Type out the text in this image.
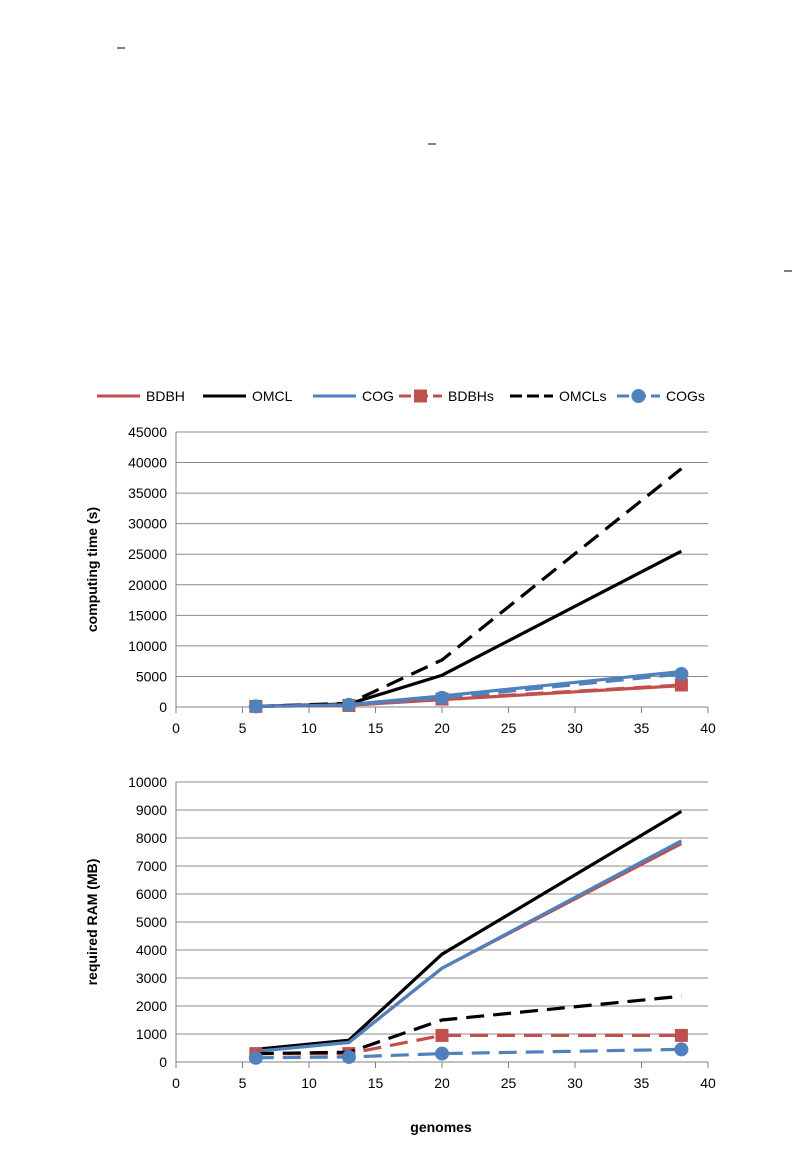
BDBH	OMCL	COG	BDBHs	OMCLs	COGs
0
5000
10000
15000
20000
25000
30000
35000
40000
45000
0	5	10	15	20	25	30	35	40
computing time (s)
0
1000
2000
3000
4000
5000
6000
7000
8000
9000
10000
0	5	10	15	20	25	30	35	40
required RAM (MB)
genomes
